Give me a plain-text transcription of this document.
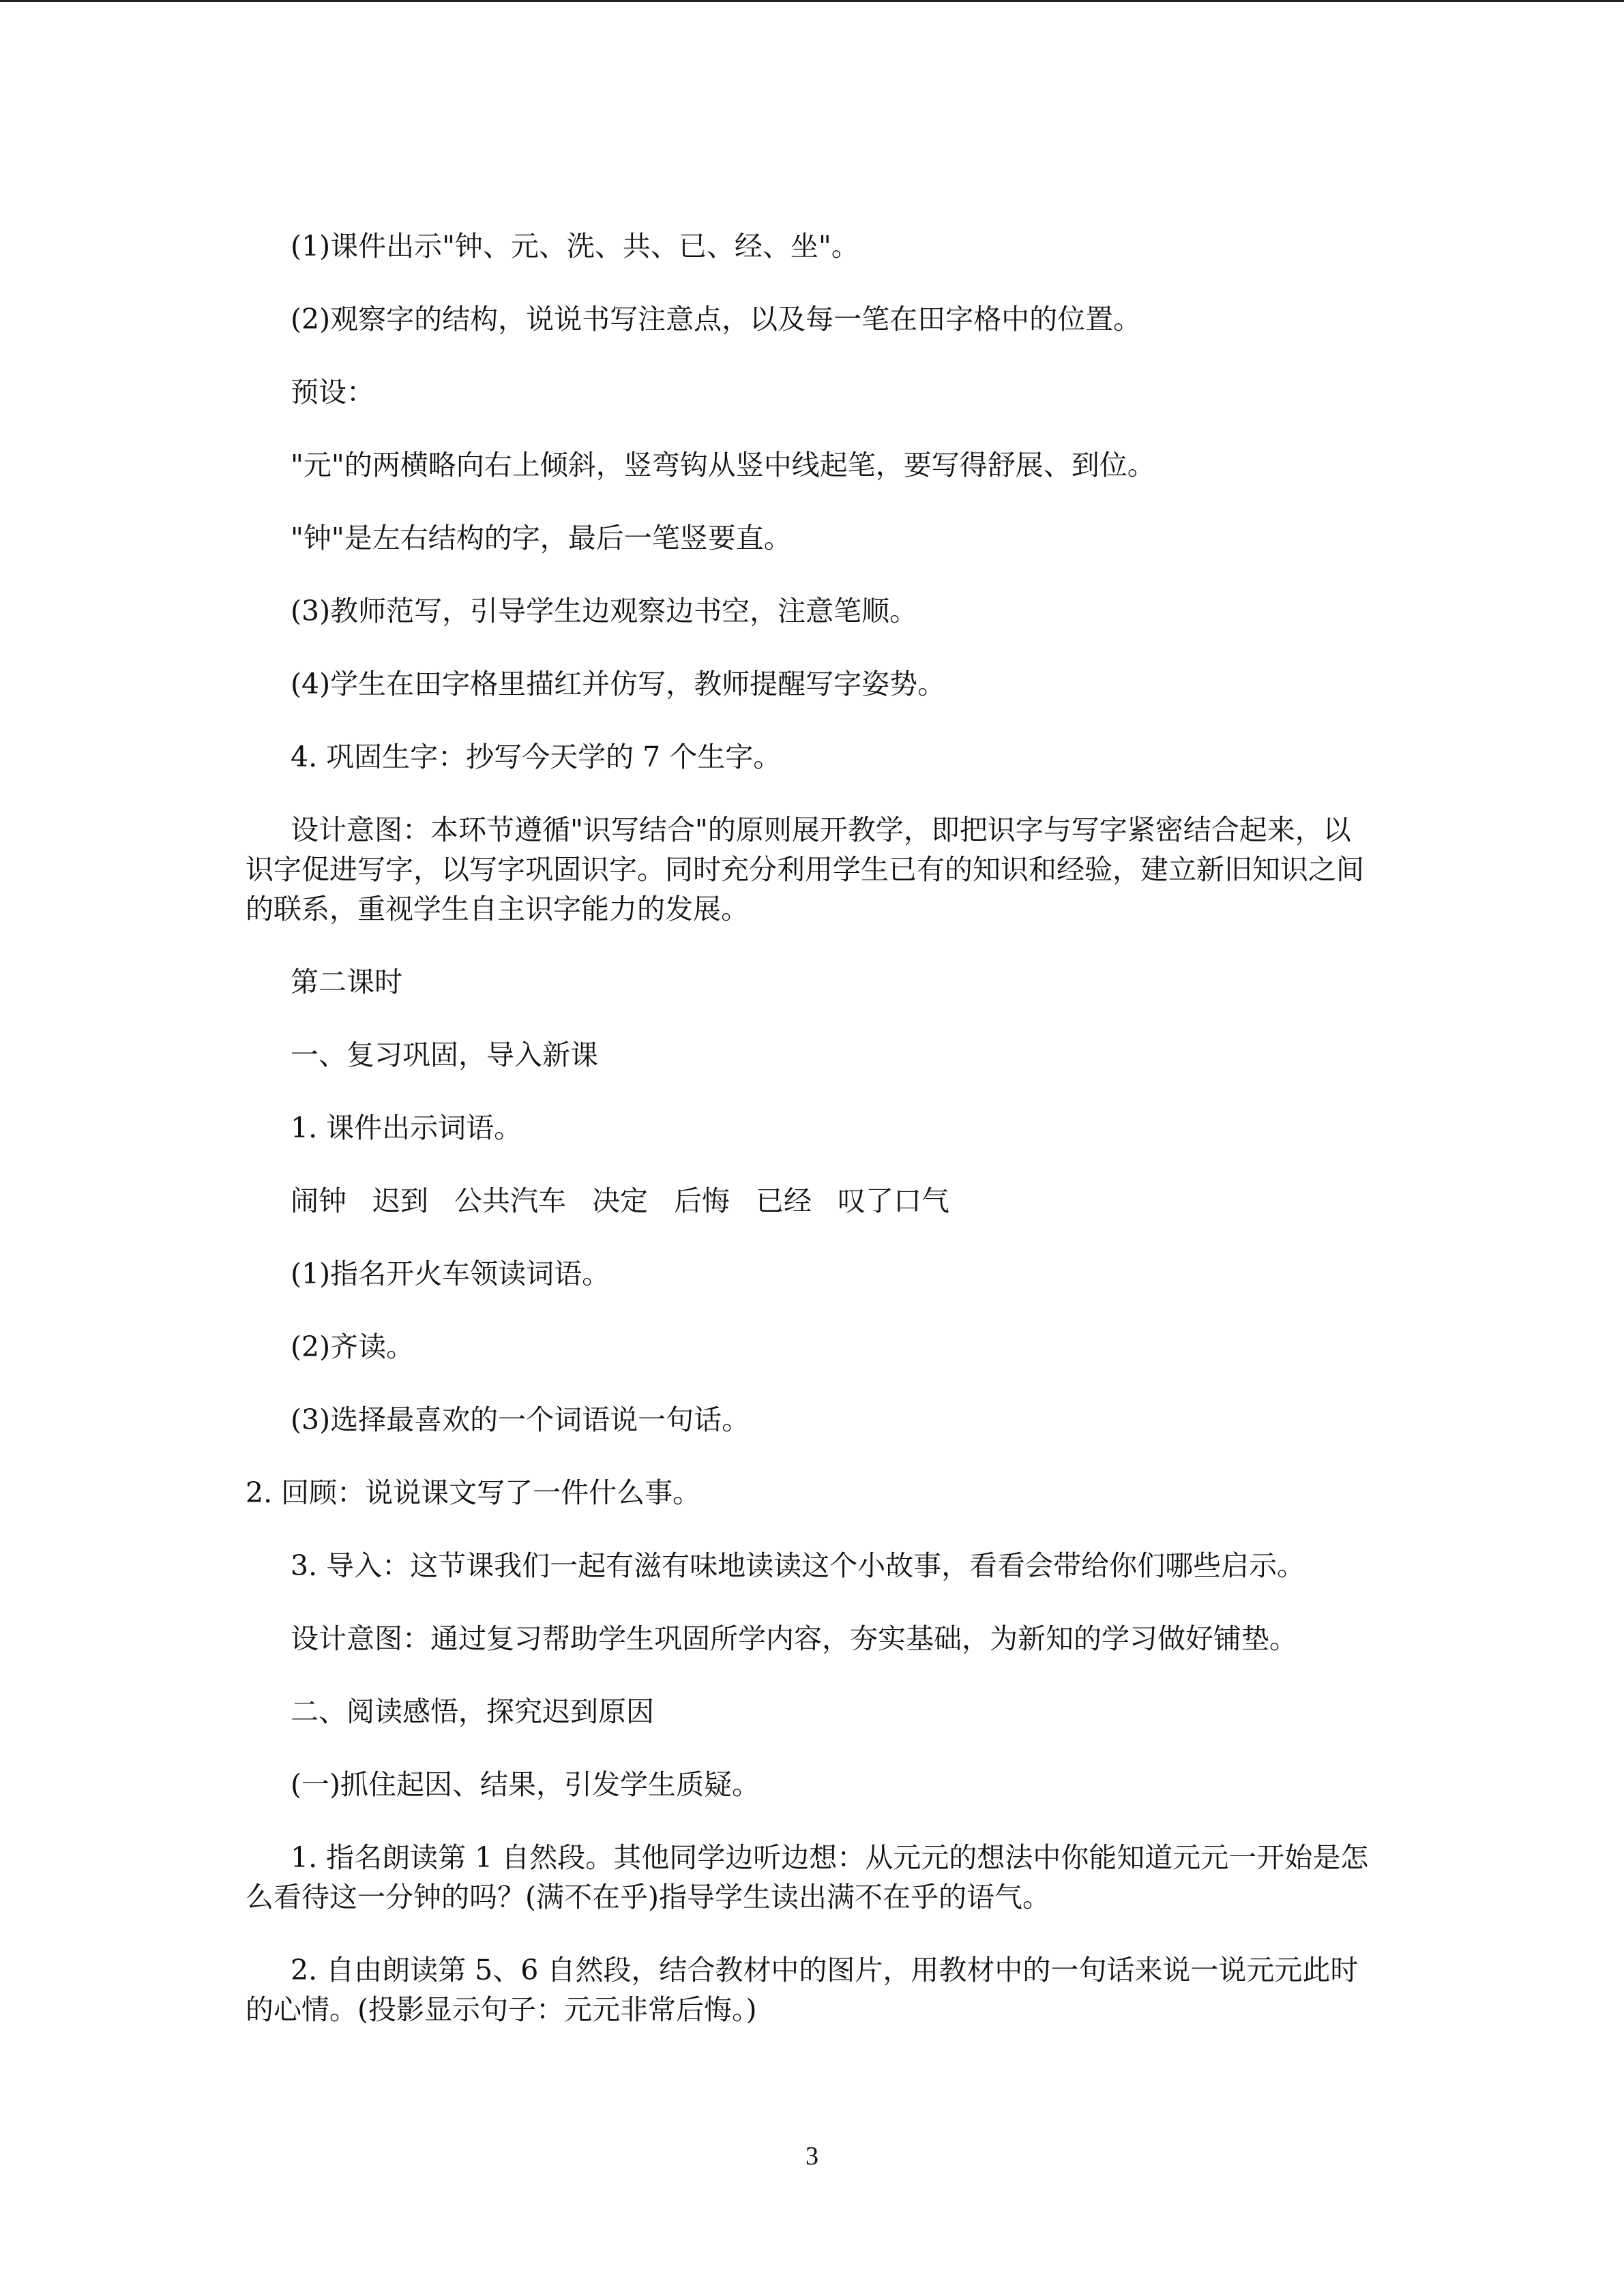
(1)课件出示"钟、元、洗、共、已、经、坐"。

(2)观察字的结构，说说书写注意点，以及每一笔在田字格中的位置。

预设：

"元"的两横略向右上倾斜，竖弯钩从竖中线起笔，要写得舒展、到位。

"钟"是左右结构的字，最后一笔竖要直。

(3)教师范写，引导学生边观察边书空，注意笔顺。

(4)学生在田字格里描红并仿写，教师提醒写字姿势。

4. 巩固生字：抄写今天学的 7 个生字。

设计意图：本环节遵循"识写结合"的原则展开教学，即把识字与写字紧密结合起来，以识字促进写字，以写字巩固识字。同时充分利用学生已有的知识和经验，建立新旧知识之间的联系，重视学生自主识字能力的发展。

第二课时

一、复习巩固，导入新课

1. 课件出示词语。

闹钟 迟到 公共汽车 决定 后悔 已经 叹了口气

(1)指名开火车领读词语。

(2)齐读。

(3)选择最喜欢的一个词语说一句话。

2. 回顾：说说课文写了一件什么事。

3. 导入：这节课我们一起有滋有味地读读这个小故事，看看会带给你们哪些启示。

设计意图：通过复习帮助学生巩固所学内容，夯实基础，为新知的学习做好铺垫。

二、阅读感悟，探究迟到原因

(一)抓住起因、结果，引发学生质疑。

1. 指名朗读第 1 自然段。其他同学边听边想：从元元的想法中你能知道元元一开始是怎么看待这一分钟的吗？(满不在乎)指导学生读出满不在乎的语气。

2. 自由朗读第 5、6 自然段，结合教材中的图片，用教材中的一句话来说一说元元此时的心情。(投影显示句子：元元非常后悔。)

3
